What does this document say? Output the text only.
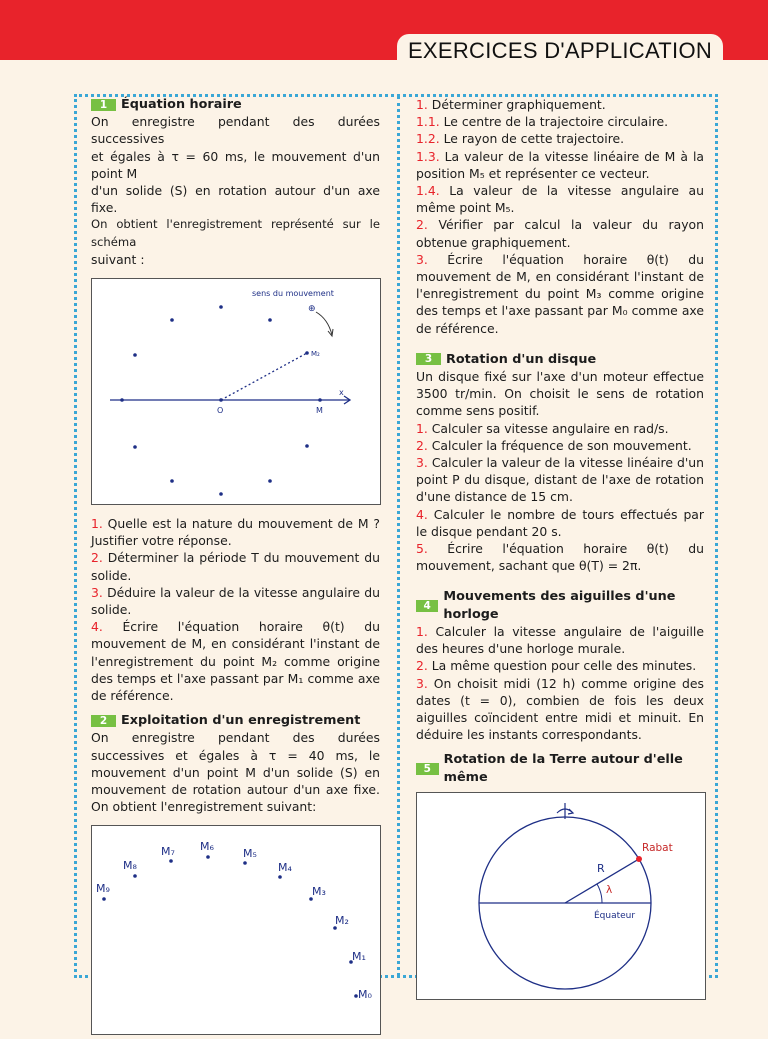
EXERCICES D'APPLICATION

1	Équation horaire

On enregistre pendant des durées successives

et égales à τ = 60 ms, le mouvement d'un point M

d'un solide (S) en rotation autour d'un axe fixe.

On obtient l'enregistrement représenté sur le schéma

suivant :

sens du mouvement
⊕
M₂
O	M
x

1. Quelle est la nature du mouvement de M ? Justifier votre réponse.

2. Déterminer la période T du mouvement du solide.

3. Déduire la valeur de la vitesse angulaire du solide.

4. Écrire l'équation horaire θ(t) du mouvement de M, en considérant l'instant de l'enregistrement du point M₂ comme origine des temps et l'axe passant par M₁ comme axe de référence.

2	Exploitation d'un enregistrement

On enregistre pendant des durées successives et égales à τ = 40 ms, le mouvement d'un point M d'un solide (S) en mouvement de rotation autour d'un axe fixe. On obtient l'enregistrement suivant:

M₀
M₁
M₂
M₃
M₄
M₅
M₆
M₇
M₈
M₉

1. Déterminer graphiquement.

1.1. Le centre de la trajectoire circulaire.

1.2. Le rayon de cette trajectoire.

1.3. La valeur de la vitesse linéaire de M à la position M₅ et représenter ce vecteur.

1.4. La valeur de la vitesse angulaire au même point M₅.

2. Vérifier par calcul la valeur du rayon obtenue graphiquement.

3. Écrire l'équation horaire θ(t) du mouvement de M, en considérant l'instant de l'enregistrement du point M₃ comme origine des temps et l'axe passant par M₀ comme axe de référence.

3	Rotation d'un disque

Un disque fixé sur l'axe d'un moteur effectue 3500 tr/min. On choisit le sens de rotation comme sens positif.

1. Calculer sa vitesse angulaire en rad/s.

2. Calculer la fréquence de son mouvement.

3. Calculer la valeur de la vitesse linéaire d'un point P du disque, distant de l'axe de rotation d'une distance de 15 cm.

4. Calculer le nombre de tours effectués par le disque pendant 20 s.

5. Écrire l'équation horaire θ(t) du mouvement, sachant que θ(T) = 2π.

4
Mouvements des aiguilles d'une horloge

1. Calculer la vitesse angulaire de l'aiguille des heures d'une horloge murale.

2. La même question pour celle des minutes.

3. On choisit midi (12 h) comme origine des dates (t = 0), combien de fois les deux aiguilles coïncident entre midi et minuit. En déduire les instants correspondants.

5
Rotation de la Terre autour d'elle même

Rabat
R
λ
Équateur
